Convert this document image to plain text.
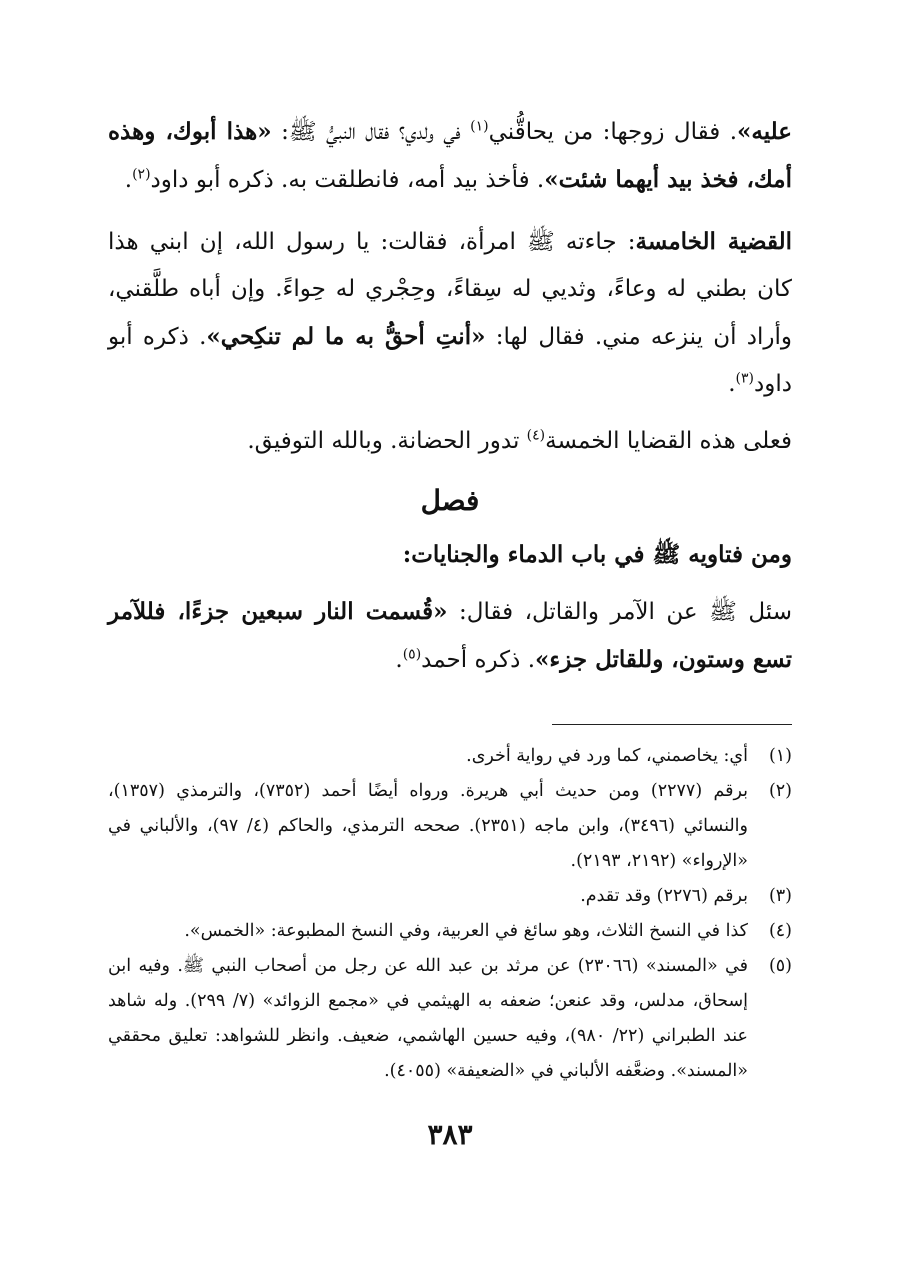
عليه». فقال زوجها: من يحاقُّني$^{(١)}$ في ولدي؟ فقال النبيُّ ﷺ: «هذا أبوك، وهذه أمك، فخذ بيد أيهما شئت». فأخذ بيد أمه، فانطلقت به. ذكره أبو داود$^{(٢)}$.

القضية الخامسة: جاءته ﷺ امرأة، فقالت: يا رسول الله، إن ابني هذا كان بطني له وعاءً، وثديي له سِقاءً، وحِجْري له حِواءً. وإن أباه طلَّقني، وأراد أن ينزعه مني. فقال لها: «أنتِ أحقُّ به ما لم تنكِحي». ذكره أبو داود$^{(٣)}$.

فعلى هذه القضايا الخمسة$^{(٤)}$ تدور الحضانة. وبالله التوفيق.

فصل

ومن فتاويه ﷺ في باب الدماء والجنايات:

سئل ﷺ عن الآمر والقاتل، فقال: «قُسمت النار سبعين جزءًا، فللآمر تسع وستون، وللقاتل جزء». ذكره أحمد$^{(٥)}$.

(١)
أي: يخاصمني، كما ورد في رواية أخرى.
(٢)
برقم (٢٢٧٧) ومن حديث أبي هريرة. ورواه أيضًا أحمد (٧٣٥٢)، والترمذي (١٣٥٧)، والنسائي (٣٤٩٦)، وابن ماجه (٢٣٥١). صححه الترمذي، والحاكم (٤/ ٩٧)، والألباني في «الإرواء» (٢١٩٢، ٢١٩٣).
(٣)
برقم (٢٢٧٦) وقد تقدم.
(٤)
كذا في النسخ الثلاث، وهو سائغ في العربية، وفي النسخ المطبوعة: «الخمس».
(٥)
في «المسند» (٢٣٠٦٦) عن مرثد بن عبد الله عن رجل من أصحاب النبي ﷺ. وفيه ابن إسحاق، مدلس، وقد عنعن؛ ضعفه به الهيثمي في «مجمع الزوائد» (٧/ ٢٩٩). وله شاهد عند الطبراني (٢٢/ ٩٨٠)، وفيه حسين الهاشمي، ضعيف. وانظر للشواهد: تعليق محققي «المسند». وضعَّفه الألباني في «الضعيفة» (٤٠٥٥).
٣٨٣
